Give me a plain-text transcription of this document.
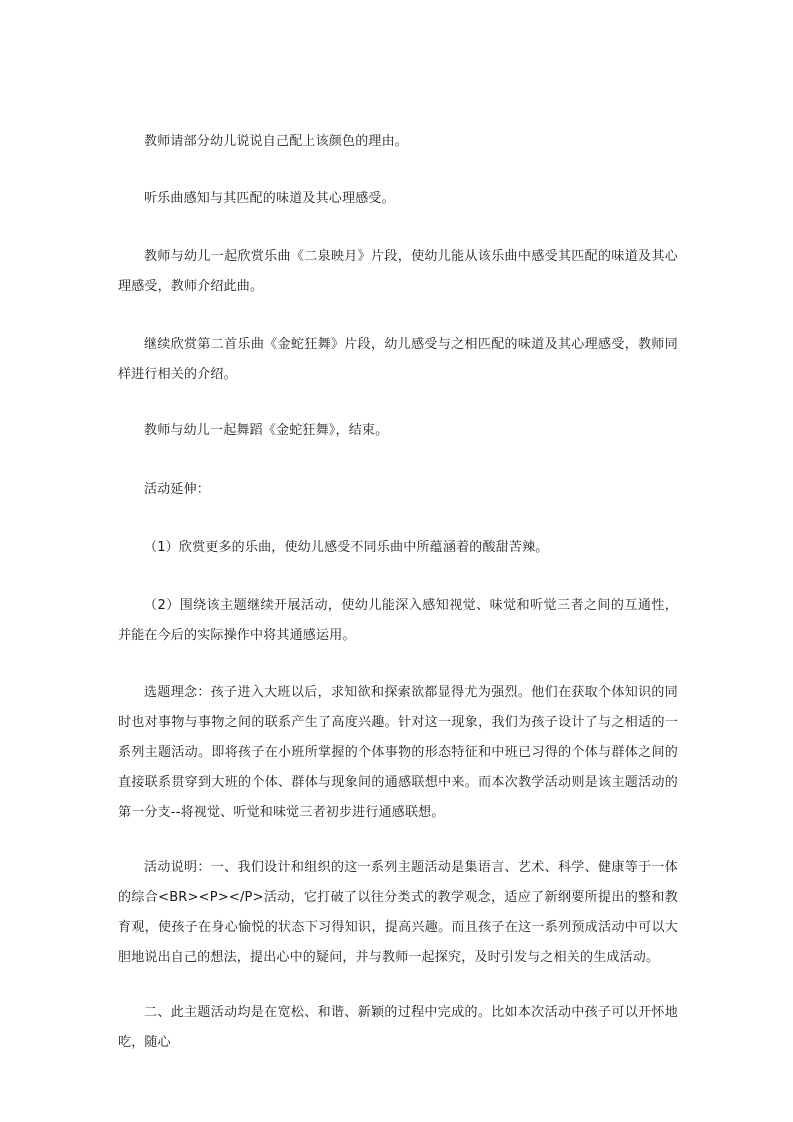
教师请部分幼儿说说自己配上该颜色的理由。

听乐曲感知与其匹配的味道及其心理感受。

教师与幼儿一起欣赏乐曲《二泉映月》片段，使幼儿能从该乐曲中感受其匹配的味道及其心理感受，教师介绍此曲。

继续欣赏第二首乐曲《金蛇狂舞》片段，幼儿感受与之相匹配的味道及其心理感受，教师同样进行相关的介绍。

教师与幼儿一起舞蹈《金蛇狂舞》，结束。

活动延伸：

（1）欣赏更多的乐曲，使幼儿感受不同乐曲中所蕴涵着的酸甜苦辣。

（2）围绕该主题继续开展活动，使幼儿能深入感知视觉、味觉和听觉三者之间的互通性，并能在今后的实际操作中将其通感运用。

选题理念：孩子进入大班以后，求知欲和探索欲都显得尤为强烈。他们在获取个体知识的同时也对事物与事物之间的联系产生了高度兴趣。针对这一现象，我们为孩子设计了与之相适的一系列主题活动。即将孩子在小班所掌握的个体事物的形态特征和中班已习得的个体与群体之间的直接联系贯穿到大班的个体、群体与现象间的通感联想中来。而本次教学活动则是该主题活动的第一分支--将视觉、听觉和味觉三者初步进行通感联想。

活动说明：一、我们设计和组织的这一系列主题活动是集语言、艺术、科学、健康等于一体的综合<BR><P></P>活动，它打破了以往分类式的教学观念，适应了新纲要所提出的整和教育观，使孩子在身心愉悦的状态下习得知识，提高兴趣。而且孩子在这一系列预成活动中可以大胆地说出自己的想法，提出心中的疑问，并与教师一起探究，及时引发与之相关的生成活动。

二、此主题活动均是在宽松、和谐、新颖的过程中完成的。比如本次活动中孩子可以开怀地吃，随心
